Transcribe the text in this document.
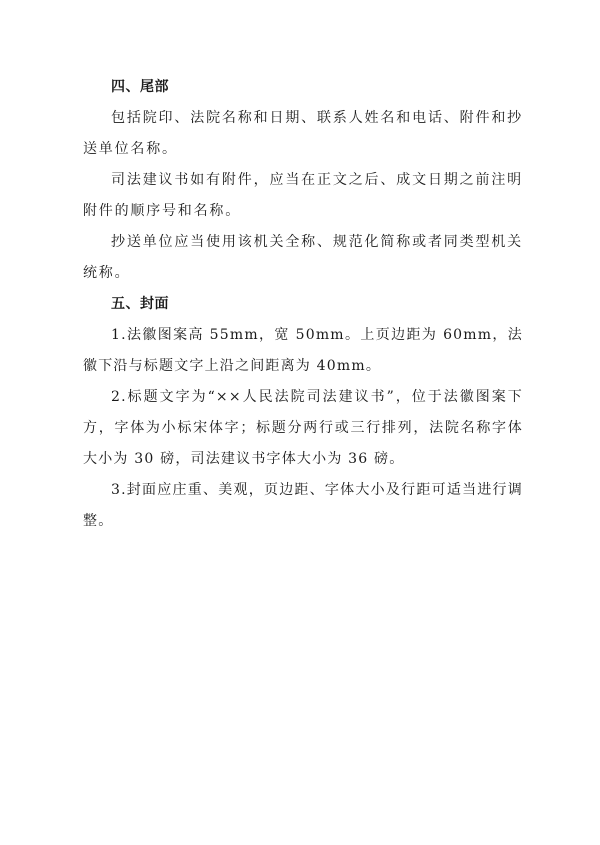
四、尾部

包括院印、法院名称和日期、联系人姓名和电话、附件和抄送单位名称。

司法建议书如有附件，应当在正文之后、成文日期之前注明附件的顺序号和名称。

抄送单位应当使用该机关全称、规范化简称或者同类型机关统称。

五、封面

1.法徽图案高 55mm，宽 50mm。上页边距为 60mm，法徽下沿与标题文字上沿之间距离为 40mm。

2.标题文字为“××人民法院司法建议书”，位于法徽图案下方，字体为小标宋体字；标题分两行或三行排列，法院名称字体大小为 30 磅，司法建议书字体大小为 36 磅。

3.封面应庄重、美观，页边距、字体大小及行距可适当进行调整。
